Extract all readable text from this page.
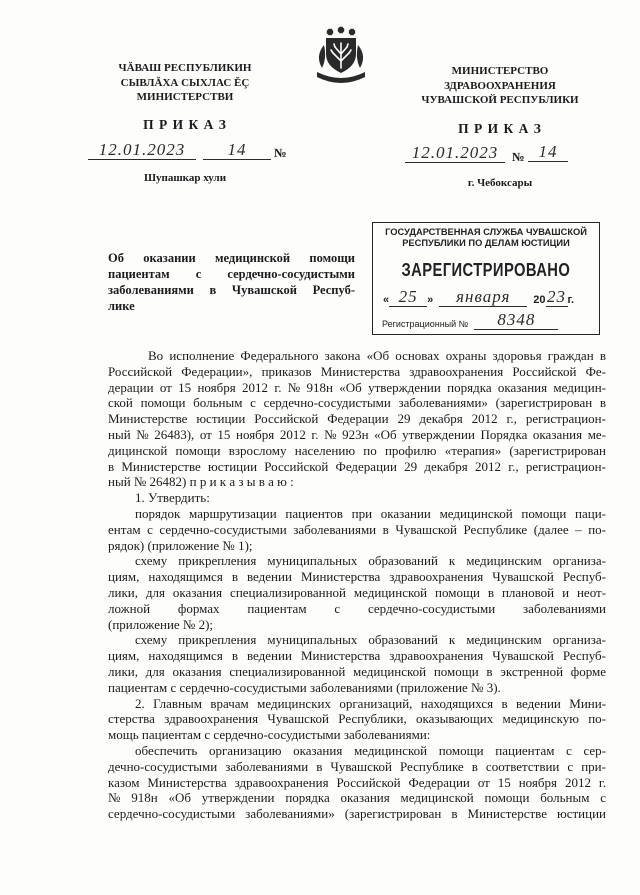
ЧĂВАШ РЕСПУБЛИКИН
СЫВЛĂХА СЫХЛАС ĔÇ
МИНИСТЕРСТВИ
П Р И К А З
12.01.2023	14	№
Шупашкар хули
МИНИСТЕРСТВО
ЗДРАВООХРАНЕНИЯ
ЧУВАШСКОЙ РЕСПУБЛИКИ
П Р И К А З
12.01.2023	№ 14
г. Чебоксары
ГОСУДАРСТВЕННАЯ СЛУЖБА ЧУВАШСКОЙ
РЕСПУБЛИКИ ПО ДЕЛАМ ЮСТИЦИИ
ЗАРЕГИСТРИРОВАНО
« 25 »	января	20 23 г.
Регистрационный №	8348
Об оказании медицинской помощи
пациентам с сердечно-сосудистыми
заболеваниями в Чувашской Респуб-
лике
Во исполнение Федерального закона «Об основах охраны здоровья граждан в
Российской Федерации», приказов Министерства здравоохранения Российской Фе-
дерации от 15 ноября 2012 г. № 918н «Об утверждении порядка оказания медицин-
ской помощи больным с сердечно-сосудистыми заболеваниями» (зарегистрирован в
Министерстве юстиции Российской Федерации 29 декабря 2012 г., регистрацион-
ный № 26483), от 15 ноября 2012 г. № 923н «Об утверждении Порядка оказания ме-
дицинской помощи взрослому населению по профилю «терапия» (зарегистрирован
в Министерстве юстиции Российской Федерации 29 декабря 2012 г., регистрацион-
ный № 26482) п р и к а з ы в а ю :
1. Утвердить:
порядок маршрутизации пациентов при оказании медицинской помощи паци-
ентам с сердечно-сосудистыми заболеваниями в Чувашской Республике (далее – по-
рядок) (приложение № 1);
схему прикрепления муниципальных образований к медицинским организа-
циям, находящимся в ведении Министерства здравоохранения Чувашской Респуб-
лики, для оказания специализированной медицинской помощи в плановой и неот-
ложной формах пациентам с сердечно-сосудистыми заболеваниями
(приложение № 2);
схему прикрепления муниципальных образований к медицинским организа-
циям, находящимся в ведении Министерства здравоохранения Чувашской Респуб-
лики, для оказания специализированной медицинской помощи в экстренной форме
пациентам с сердечно-сосудистыми заболеваниями (приложение № 3).
2. Главным врачам медицинских организаций, находящихся в ведении Мини-
стерства здравоохранения Чувашской Республики, оказывающих медицинскую по-
мощь пациентам с сердечно-сосудистыми заболеваниями:
обеспечить организацию оказания медицинской помощи пациентам с сер-
дечно-сосудистыми заболеваниями в Чувашской Республике в соответствии с при-
казом Министерства здравоохранения Российской Федерации от 15 ноября 2012 г.
№ 918н «Об утверждении порядка оказания медицинской помощи больным с
сердечно-сосудистыми заболеваниями» (зарегистрирован в Министерстве юстиции
